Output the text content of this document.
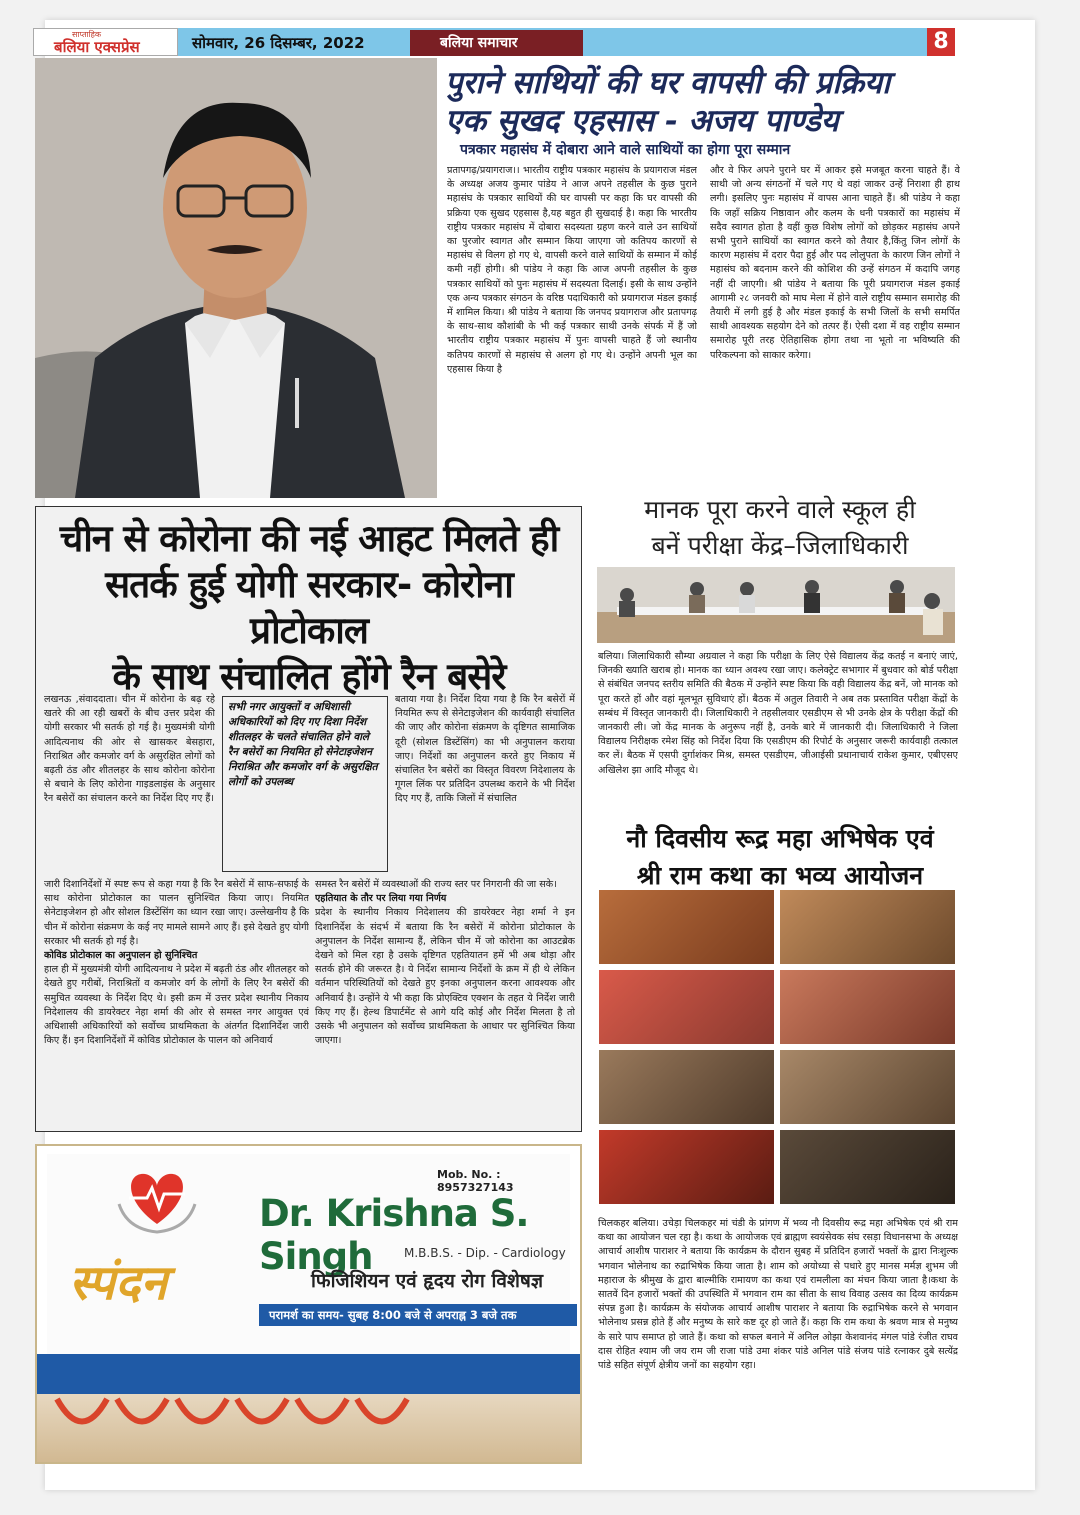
साप्ताहिक
बलिया एक्सप्रेस	सोमवार, 26 दिसम्बर, 2022	बलिया समाचार	8
पुराने साथियों की घर वापसी की प्रक्रिया
एक सुखद एहसास - अजय पाण्डेय
पत्रकार महासंघ में दोबारा आने वाले साथियों का होगा पूरा सम्मान
प्रतापगढ़/प्रयागराज।। भारतीय राष्ट्रीय पत्रकार महासंघ के प्रयागराज मंडल के अध्यक्ष अजय कुमार पांडेय ने आज अपने तहसील के कुछ पुराने महासंघ के पत्रकार साथियों की घर वापसी पर कहा कि घर वापसी की प्रक्रिया एक सुखद एहसास है,यह बहुत ही सुखदाई है। कहा कि भारतीय राष्ट्रीय पत्रकार महासंघ में दोबारा सदस्यता ग्रहण करने वाले उन साथियों का पुरजोर स्वागत और सम्मान किया जाएगा जो कतिपय कारणों से महासंघ से विलग हो गए थे, वापसी करने वाले साथियों के सम्मान में कोई कमी नहीं होगी। श्री पांडेय ने कहा कि आज अपनी तहसील के कुछ पत्रकार साथियों को पुनः महासंघ में सदस्यता दिलाई। इसी के साथ उन्होंने एक अन्य पत्रकार संगठन के वरिष्ठ पदाधिकारी को प्रयागराज मंडल इकाई में शामिल किया। श्री पांडेय ने बताया कि जनपद प्रयागराज और प्रतापगढ़ के साथ-साथ कौशांबी के भी कई पत्रकार साथी उनके संपर्क में हैं जो भारतीय राष्ट्रीय पत्रकार महासंघ में पुनः वापसी चाहते हैं जो स्थानीय कतिपय कारणों से महासंघ से अलग हो गए थे। उन्होंने अपनी भूल का एहसास किया है
और वे फिर अपने पुराने घर में आकर इसे मजबूत करना चाहते हैं। वे साथी जो अन्य संगठनों में चले गए थे वहां जाकर उन्हें निराशा ही हाथ लगी। इसलिए पुनः महासंघ में वापस आना चाहते हैं। श्री पांडेय ने कहा कि जहाँ सक्रिय निष्ठावान और कलम के धनी पत्रकारों का महासंघ में सदैव स्वागत होता है वहीं कुछ विशेष लोगों को छोड़कर महासंघ अपने सभी पुराने साथियों का स्वागत करने को तैयार है,किंतु जिन लोगों के कारण महासंघ में दरार पैदा हुई और पद लोलुपता के कारण जिन लोगों ने महासंघ को बदनाम करने की कोशिश की उन्हें संगठन में कदापि जगह नहीं दी जाएगी। श्री पांडेय ने बताया कि पूरी प्रयागराज मंडल इकाई आगामी २८ जनवरी को माघ मेला में होने वाले राष्ट्रीय सम्मान समारोह की तैयारी में लगी हुई है और मंडल इकाई के सभी जिलों के सभी समर्पित साथी आवश्यक सहयोग देने को तत्पर हैं। ऐसी दशा में वह राष्ट्रीय सम्मान समारोह पूरी तरह ऐतिहासिक होगा तथा ना भूतो ना भविष्यति की परिकल्पना को साकार करेगा।
चीन से कोरोना की नई आहट मिलते ही
सतर्क हुई योगी सरकार- कोरोना प्रोटोकाल
के साथ संचालित होंगे रैन बसेरे
लखनऊ ,संवाददाता। चीन में कोरोना के बढ़ रहे खतरे की आ रही खबरों के बीच उत्तर प्रदेश की योगी सरकार भी सतर्क हो गई है। मुख्यमंत्री योगी आदित्यनाथ की ओर से खासकर बेसहारा, निराश्रित और कमजोर वर्ग के असुरक्षित लोगों को बढ़ती ठंड और शीतलहर के साथ कोरोना कोरोना से बचाने के लिए कोरोना गाइडलाइंस के अनुसार रैन बसेरों का संचालन करने का निर्देश दिए गए हैं।
सभी नगर आयुक्तों व अधिशासी अधिकारियों को दिए गए दिशा निर्देश शीतलहर के चलते संचालित होने वाले रैन बसेरों का नियमित हो सेनेटाइजेशन निराश्रित और कमजोर वर्ग के असुरक्षित लोगों को उपलब्ध
बताया गया है। निर्देश दिया गया है कि रैन बसेरों में नियमित रूप से सेनेटाइजेशन की कार्यवाही संचालित की जाए और कोरोना संक्रमण के दृष्टिगत सामाजिक दूरी (सोशल डिस्टेंसिंग) का भी अनुपालन कराया जाए। निर्देशों का अनुपालन करते हुए निकाय में संचालित रैन बसेरों का विस्तृत विवरण निदेशालय के गूगल लिंक पर प्रतिदिन उपलब्ध कराने के भी निर्देश दिए गए हैं, ताकि जिलों में संचालित
जारी दिशानिर्देशों में स्पष्ट रूप से कहा गया है कि रैन बसेरों में साफ-सफाई के साथ कोरोना प्रोटोकाल का पालन सुनिश्चित किया जाए। नियमित सेनेटाइजेशन हो और सोशल डिस्टेंसिंग का ध्यान रखा जाए। उल्लेखनीय है कि चीन में कोरोना संक्रमण के कई नए मामले सामने आए हैं। इसे देखते हुए योगी सरकार भी सतर्क हो गई है।
कोविड प्रोटोकाल का अनुपालन हो सुनिश्चित
हाल ही में मुख्यमंत्री योगी आदित्यनाथ ने प्रदेश में बढ़ती ठंड और शीतलहर को देखते हुए गरीबों, निराश्रितों व कमजोर वर्ग के लोगों के लिए रैन बसेरों की समुचित व्यवस्था के निर्देश दिए थे। इसी क्रम में उत्तर प्रदेश स्थानीय निकाय निदेशालय की डायरेक्टर नेहा शर्मा की ओर से समस्त नगर आयुक्त एवं अधिशासी अधिकारियों को सर्वोच्च प्राथमिकता के अंतर्गत दिशानिर्देश जारी किए हैं। इन दिशानिर्देशों में कोविड प्रोटोकाल के पालन को अनिवार्य
समस्त रैन बसेरों में व्यवस्थाओं की राज्य स्तर पर निगरानी की जा सके।
एहतियात के तौर पर लिया गया निर्णय
प्रदेश के स्थानीय निकाय निदेशालय की डायरेक्टर नेहा शर्मा ने इन दिशानिर्देश के संदर्भ में बताया कि रैन बसेरों में कोरोना प्रोटोकाल के अनुपालन के निर्देश सामान्य हैं, लेकिन चीन में जो कोरोना का आउटब्रेक देखने को मिल रहा है उसके दृष्टिगत एहतियातन हमें भी अब थोड़ा और सतर्क होने की जरूरत है। ये निर्देश सामान्य निर्देशों के क्रम में ही थे लेकिन वर्तमान परिस्थितियों को देखते हुए इनका अनुपालन करना आवश्यक और अनिवार्य है। उन्होंने ये भी कहा कि प्रोएक्टिव एक्शन के तहत ये निर्देश जारी किए गए हैं। हेल्थ डिपार्टमेंट से आगे यदि कोई और निर्देश मिलता है तो उसके भी अनुपालन को सर्वोच्च प्राथमिकता के आधार पर सुनिश्चित किया जाएगा।
मानक पूरा करने वाले स्कूल ही
बनें परीक्षा केंद्र–जिलाधिकारी
बलिया। जिलाधिकारी सौम्या अग्रवाल ने कहा कि परीक्षा के लिए ऐसे विद्यालय केंद्र कतई न बनाएं जाएं, जिनकी ख्याति खराब हो। मानक का ध्यान अवश्य रखा जाए। कलेक्ट्रेट सभागार में बुधवार को बोर्ड परीक्षा से संबंधित जनपद स्तरीय समिति की बैठक में उन्होंने स्पष्ट किया कि वही विद्यालय केंद्र बनें, जो मानक को पूरा करते हों और वहां मूलभूत सुविधाएं हों। बैठक में अतुल तिवारी ने अब तक प्रस्तावित परीक्षा केंद्रों के सम्बंध में विस्तृत जानकारी दी। जिलाधिकारी ने तहसीलवार एसडीएम से भी उनके क्षेत्र के परीक्षा केंद्रों की जानकारी ली। जो केंद्र मानक के अनुरूप नहीं है, उनके बारे में जानकारी दी। जिलाधिकारी ने जिला विद्यालय निरीक्षक रमेश सिंह को निर्देश दिया कि एसडीएम की रिपोर्ट के अनुसार जरूरी कार्यवाही तत्काल कर लें। बैठक में एसपी दुर्गाशंकर मिश्र, समस्त एसडीएम, जीआईसी प्रधानाचार्य राकेश कुमार, एबीएसए अखिलेश झा आदि मौजूद थे।
नौ दिवसीय रूद्र महा अभिषेक एवं
श्री राम कथा का भव्य आयोजन
चिलकहर बलिया। उचेड़ा चिलकहर मां चंडी के प्रांगण में भव्य नौ दिवसीय रूद्र महा अभिषेक एवं श्री राम कथा का आयोजन चल रहा है। कथा के आयोजक एवं ब्राह्मण स्वयंसेवक संघ रसड़ा विधानसभा के अध्यक्ष आचार्य आशीष पाराशर ने बताया कि कार्यक्रम के दौरान सुबह में प्रतिदिन हजारों भक्तों के द्वारा निःशुल्क भगवान भोलेनाथ का रुद्राभिषेक किया जाता है। शाम को अयोध्या से पधारे हुए मानस मर्मज्ञ शुभम जी महाराज के श्रीमुख के द्वारा बाल्मीकि रामायण का कथा एवं रामलीला का मंचन किया जाता है।कथा के सातवें दिन हजारों भक्तों की उपस्थिति में भगवान राम का सीता के साथ विवाह उत्सव का दिव्य कार्यक्रम संपन्न हुआ है। कार्यक्रम के संयोजक आचार्य आशीष पाराशर ने बताया कि रुद्राभिषेक करने से भगवान भोलेनाथ प्रसन्न होते हैं और मनुष्य के सारे कष्ट दूर हो जाते हैं। कहा कि राम कथा के श्रवण मात्र से मनुष्य के सारे पाप समाप्त हो जाते हैं। कथा को सफल बनाने में अनिल ओझा केशवानंद मंगल पांडे रंजीत राघव दास रोहित श्याम जी जय राम जी राजा पांडे उमा शंकर पांडे अनिल पांडे संजय पांडे रत्नाकर दुबे सत्येंद्र पांडे सहित संपूर्ण क्षेत्रीय जनों का सहयोग रहा।
स्पंदन
Mob. No. : 8957327143
Dr. Krishna S. Singh	M.B.B.S. - Dip. - Cardiology
फिजिशियन एवं हृदय रोग विशेषज्ञ
परामर्श का समय- सुबह 8:00 बजे से अपराह्न 3 बजे तक
